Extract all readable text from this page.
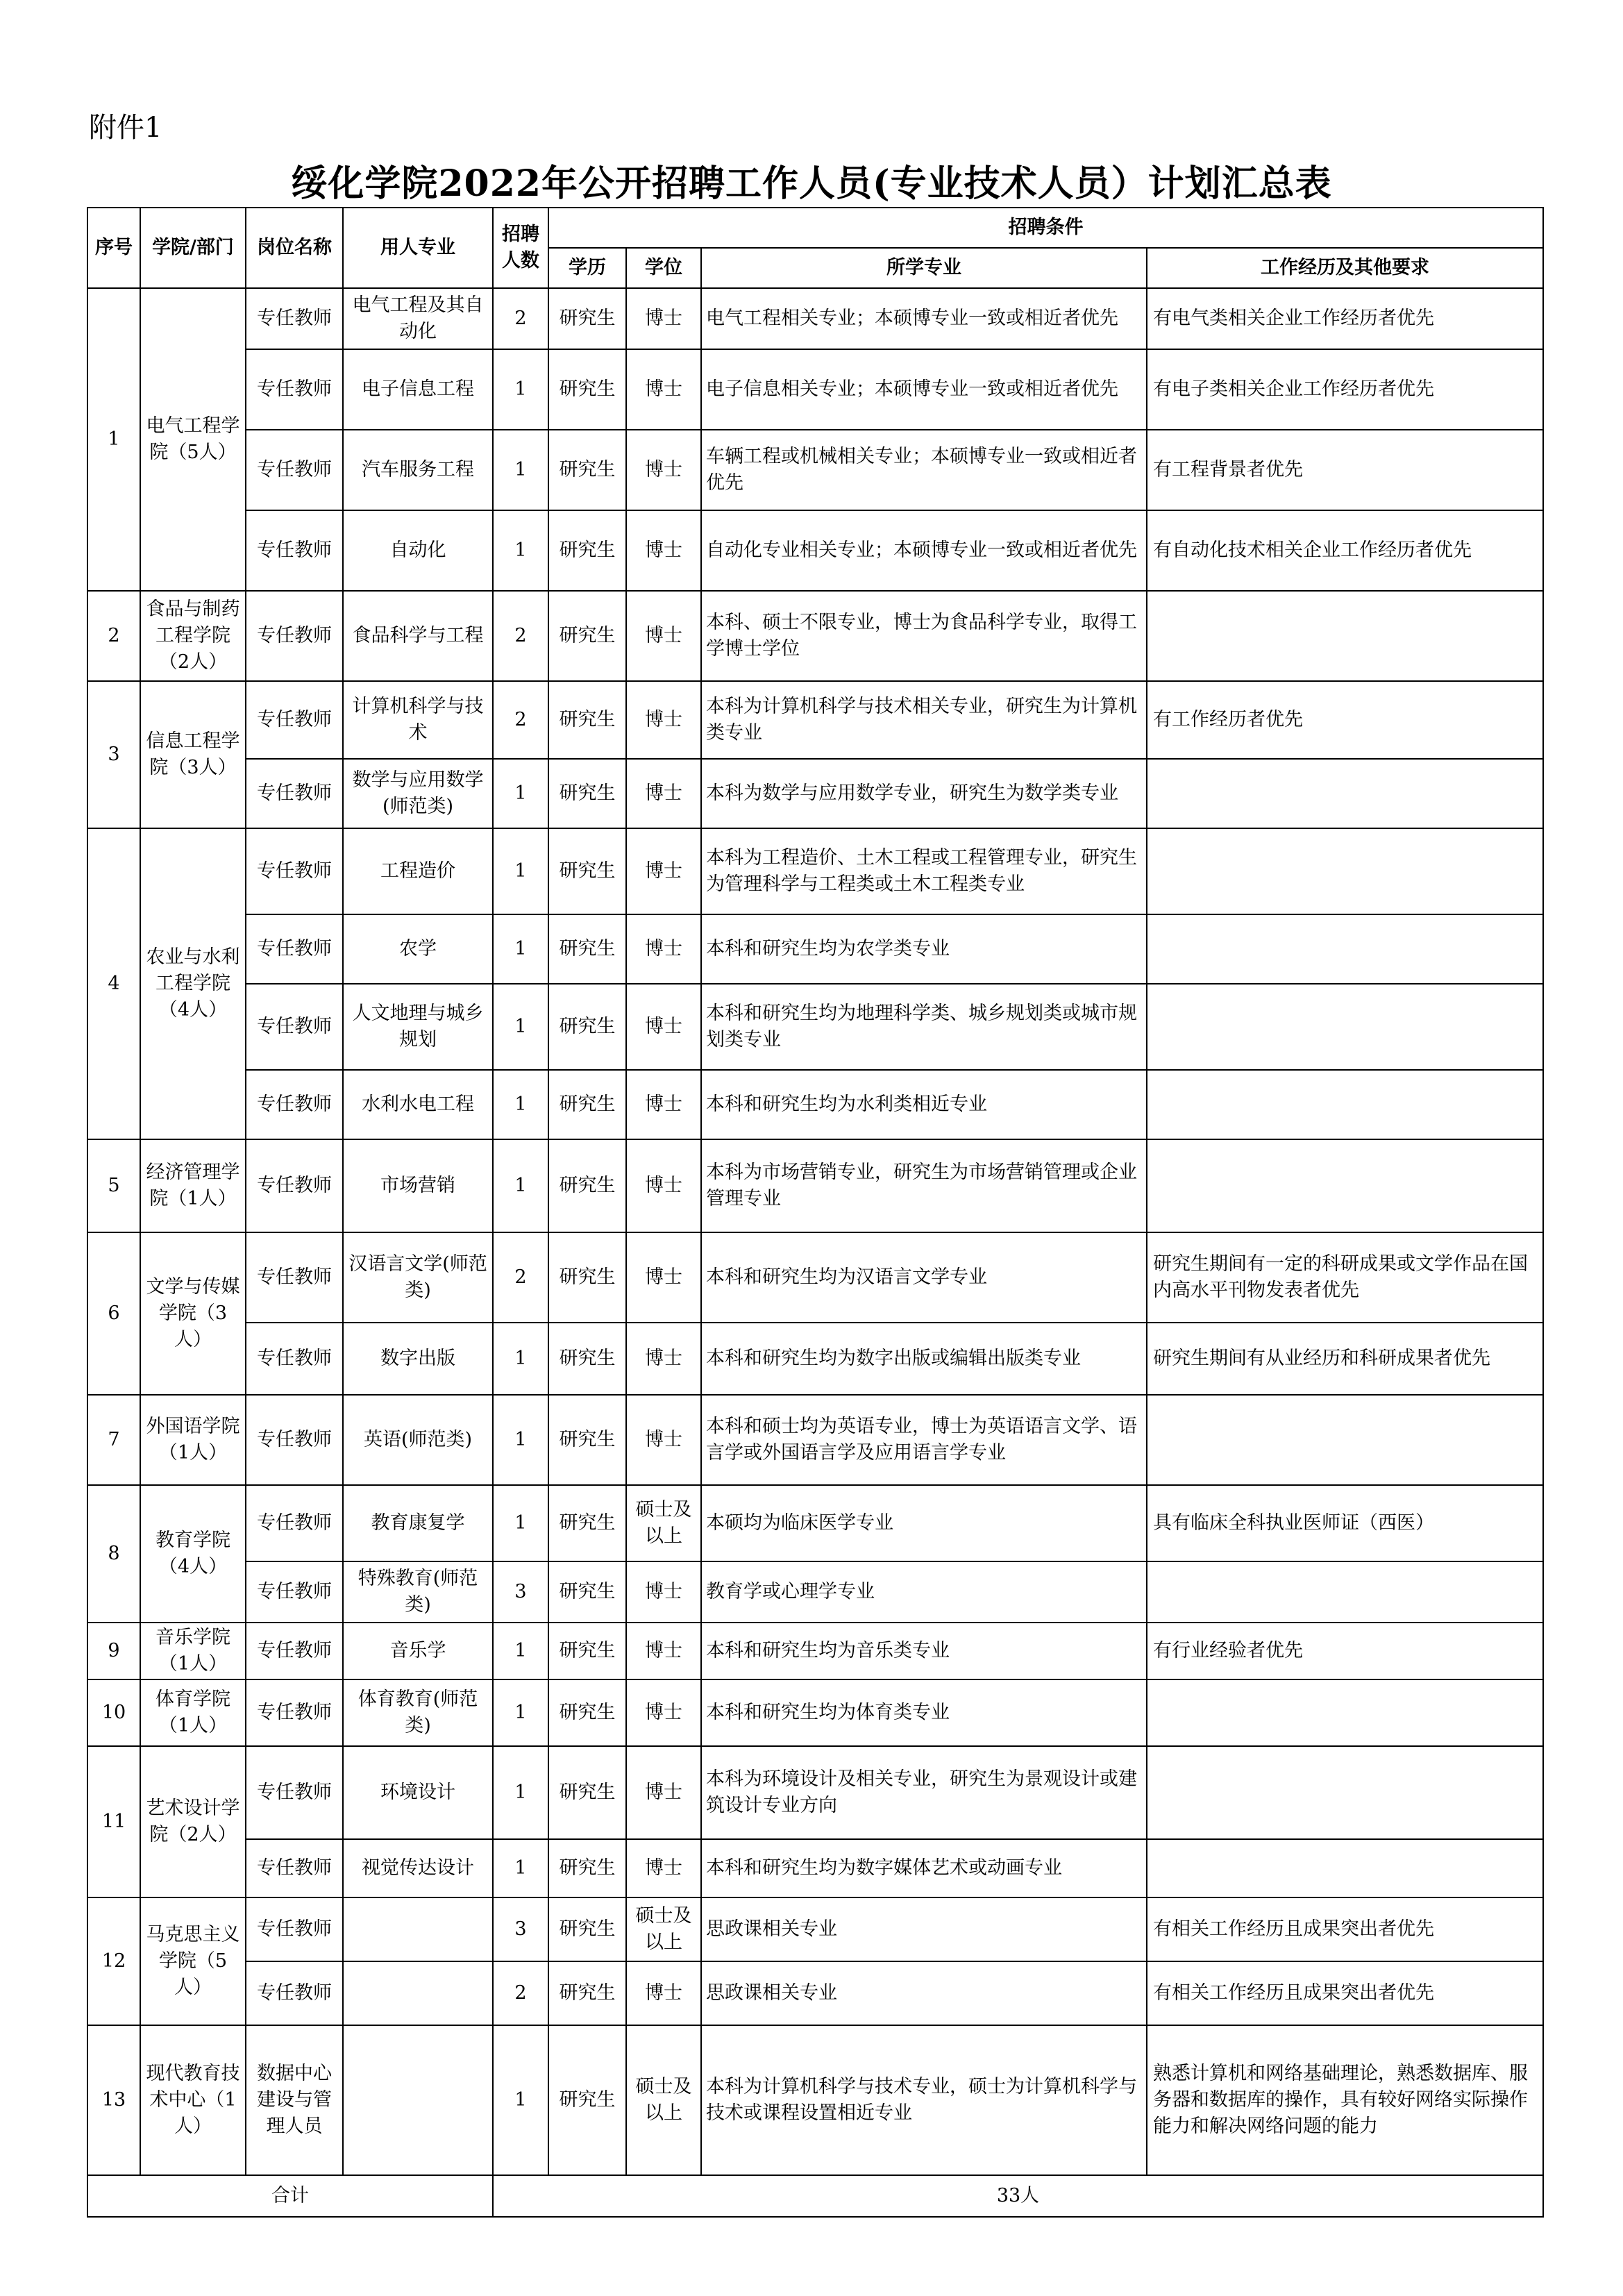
附件1
绥化学院2022年公开招聘工作人员(专业技术人员）计划汇总表
序号	学院/部门	岗位名称	用人专业	招聘人数	招聘条件			
					学历	学位	所学专业	工作经历及其他要求
1	电气工程学院（5人）	专任教师	电气工程及其自动化	2	研究生	博士	电气工程相关专业；本硕博专业一致或相近者优先	有电气类相关企业工作经历者优先
		专任教师	电子信息工程	1	研究生	博士	电子信息相关专业；本硕博专业一致或相近者优先	有电子类相关企业工作经历者优先
		专任教师	汽车服务工程	1	研究生	博士	车辆工程或机械相关专业；本硕博专业一致或相近者优先	有工程背景者优先
		专任教师	自动化	1	研究生	博士	自动化专业相关专业；本硕博专业一致或相近者优先	有自动化技术相关企业工作经历者优先
2	食品与制药工程学院（2人）	专任教师	食品科学与工程	2	研究生	博士	本科、硕士不限专业，博士为食品科学专业，取得工学博士学位	
3	信息工程学院（3人）	专任教师	计算机科学与技术	2	研究生	博士	本科为计算机科学与技术相关专业，研究生为计算机类专业	有工作经历者优先
		专任教师	数学与应用数学(师范类)	1	研究生	博士	本科为数学与应用数学专业，研究生为数学类专业	
4	农业与水利工程学院（4人）	专任教师	工程造价	1	研究生	博士	本科为工程造价、土木工程或工程管理专业，研究生为管理科学与工程类或土木工程类专业	
		专任教师	农学	1	研究生	博士	本科和研究生均为农学类专业	
		专任教师	人文地理与城乡规划	1	研究生	博士	本科和研究生均为地理科学类、城乡规划类或城市规划类专业	
		专任教师	水利水电工程	1	研究生	博士	本科和研究生均为水利类相近专业	
5	经济管理学院（1人）	专任教师	市场营销	1	研究生	博士	本科为市场营销专业，研究生为市场营销管理或企业管理专业	
6	文学与传媒学院（3人）	专任教师	汉语言文学(师范类)	2	研究生	博士	本科和研究生均为汉语言文学专业	研究生期间有一定的科研成果或文学作品在国内高水平刊物发表者优先
		专任教师	数字出版	1	研究生	博士	本科和研究生均为数字出版或编辑出版类专业	研究生期间有从业经历和科研成果者优先
7	外国语学院（1人）	专任教师	英语(师范类)	1	研究生	博士	本科和硕士均为英语专业，博士为英语语言文学、语言学或外国语言学及应用语言学专业	
8	教育学院（4人）	专任教师	教育康复学	1	研究生	硕士及以上	本硕均为临床医学专业	具有临床全科执业医师证（西医）
		专任教师	特殊教育(师范类)	3	研究生	博士	教育学或心理学专业	
9	音乐学院（1人）	专任教师	音乐学	1	研究生	博士	本科和研究生均为音乐类专业	有行业经验者优先
10	体育学院（1人）	专任教师	体育教育(师范类)	1	研究生	博士	本科和研究生均为体育类专业	
11	艺术设计学院（2人）	专任教师	环境设计	1	研究生	博士	本科为环境设计及相关专业，研究生为景观设计或建筑设计专业方向	
		专任教师	视觉传达设计	1	研究生	博士	本科和研究生均为数字媒体艺术或动画专业	
12	马克思主义学院（5人）	专任教师		3	研究生	硕士及以上	思政课相关专业	有相关工作经历且成果突出者优先
		专任教师		2	研究生	博士	思政课相关专业	有相关工作经历且成果突出者优先
13	现代教育技术中心（1人）	数据中心建设与管理人员		1	研究生	硕士及以上	本科为计算机科学与技术专业，硕士为计算机科学与技术或课程设置相近专业	熟悉计算机和网络基础理论，熟悉数据库、服务器和数据库的操作，具有较好网络实际操作能力和解决网络问题的能力
合计				33人				
